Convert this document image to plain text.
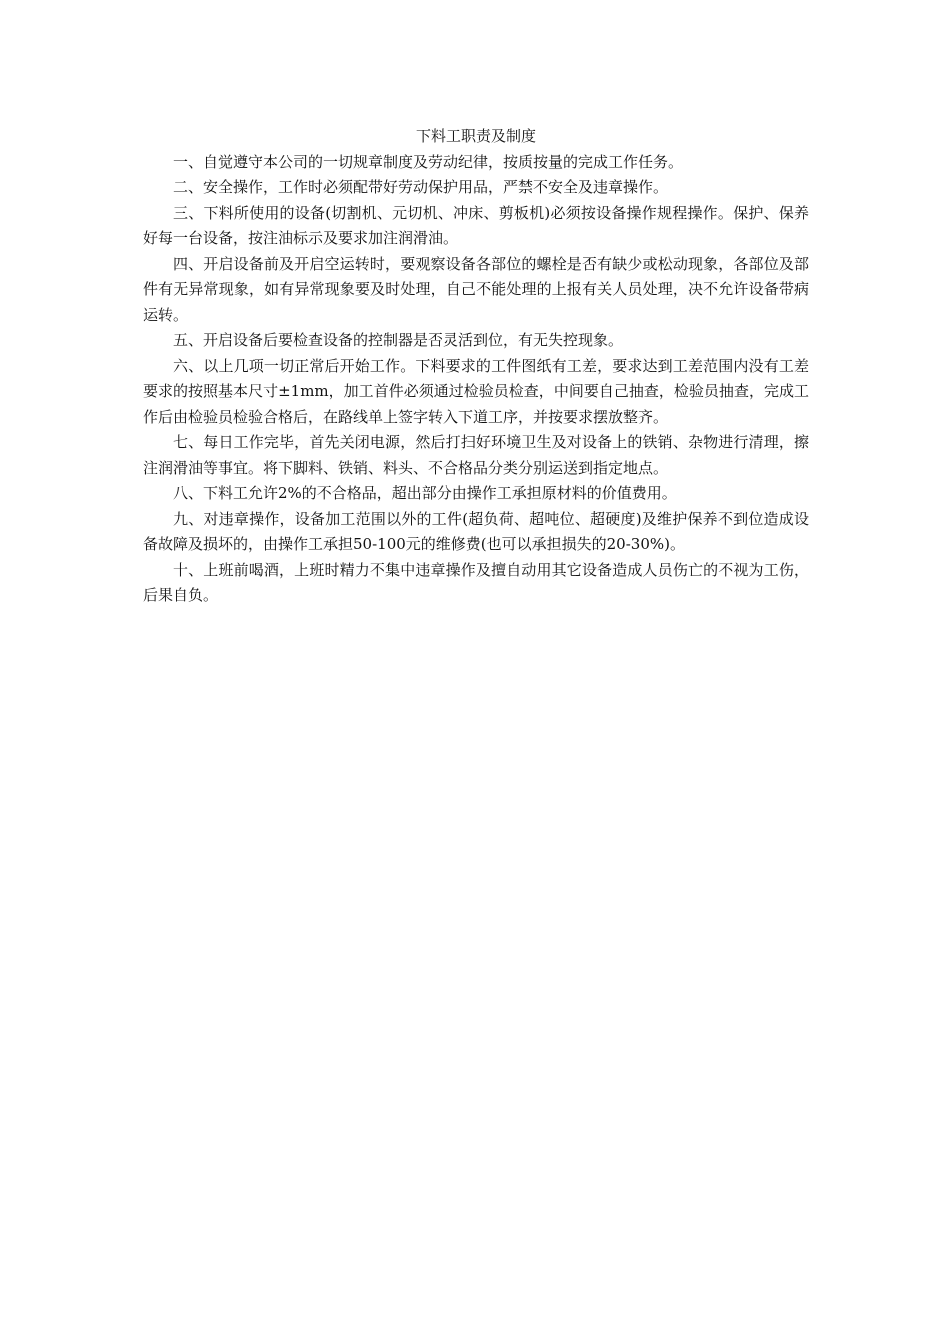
下料工职责及制度

一、自觉遵守本公司的一切规章制度及劳动纪律，按质按量的完成工作任务。

二、安全操作，工作时必须配带好劳动保护用品，严禁不安全及违章操作。

三、下料所使用的设备(切割机、元切机、冲床、剪板机)必须按设备操作规程操作。保护、保养好每一台设备，按注油标示及要求加注润滑油。

四、开启设备前及开启空运转时，要观察设备各部位的螺栓是否有缺少或松动现象，各部位及部件有无异常现象，如有异常现象要及时处理，自己不能处理的上报有关人员处理，决不允许设备带病运转。

五、开启设备后要检查设备的控制器是否灵活到位，有无失控现象。

六、以上几项一切正常后开始工作。下料要求的工件图纸有工差，要求达到工差范围内没有工差要求的按照基本尺寸±1mm，加工首件必须通过检验员检查，中间要自己抽查，检验员抽查，完成工作后由检验员检验合格后，在路线单上签字转入下道工序，并按要求摆放整齐。

七、每日工作完毕，首先关闭电源，然后打扫好环境卫生及对设备上的铁销、杂物进行清理，擦注润滑油等事宜。将下脚料、铁销、料头、不合格品分类分别运送到指定地点。

八、下料工允许2%的不合格品，超出部分由操作工承担原材料的价值费用。

九、对违章操作，设备加工范围以外的工件(超负荷、超吨位、超硬度)及维护保养不到位造成设备故障及损坏的，由操作工承担50-100元的维修费(也可以承担损失的20-30%)。

十、上班前喝酒，上班时精力不集中违章操作及擅自动用其它设备造成人员伤亡的不视为工伤，后果自负。
